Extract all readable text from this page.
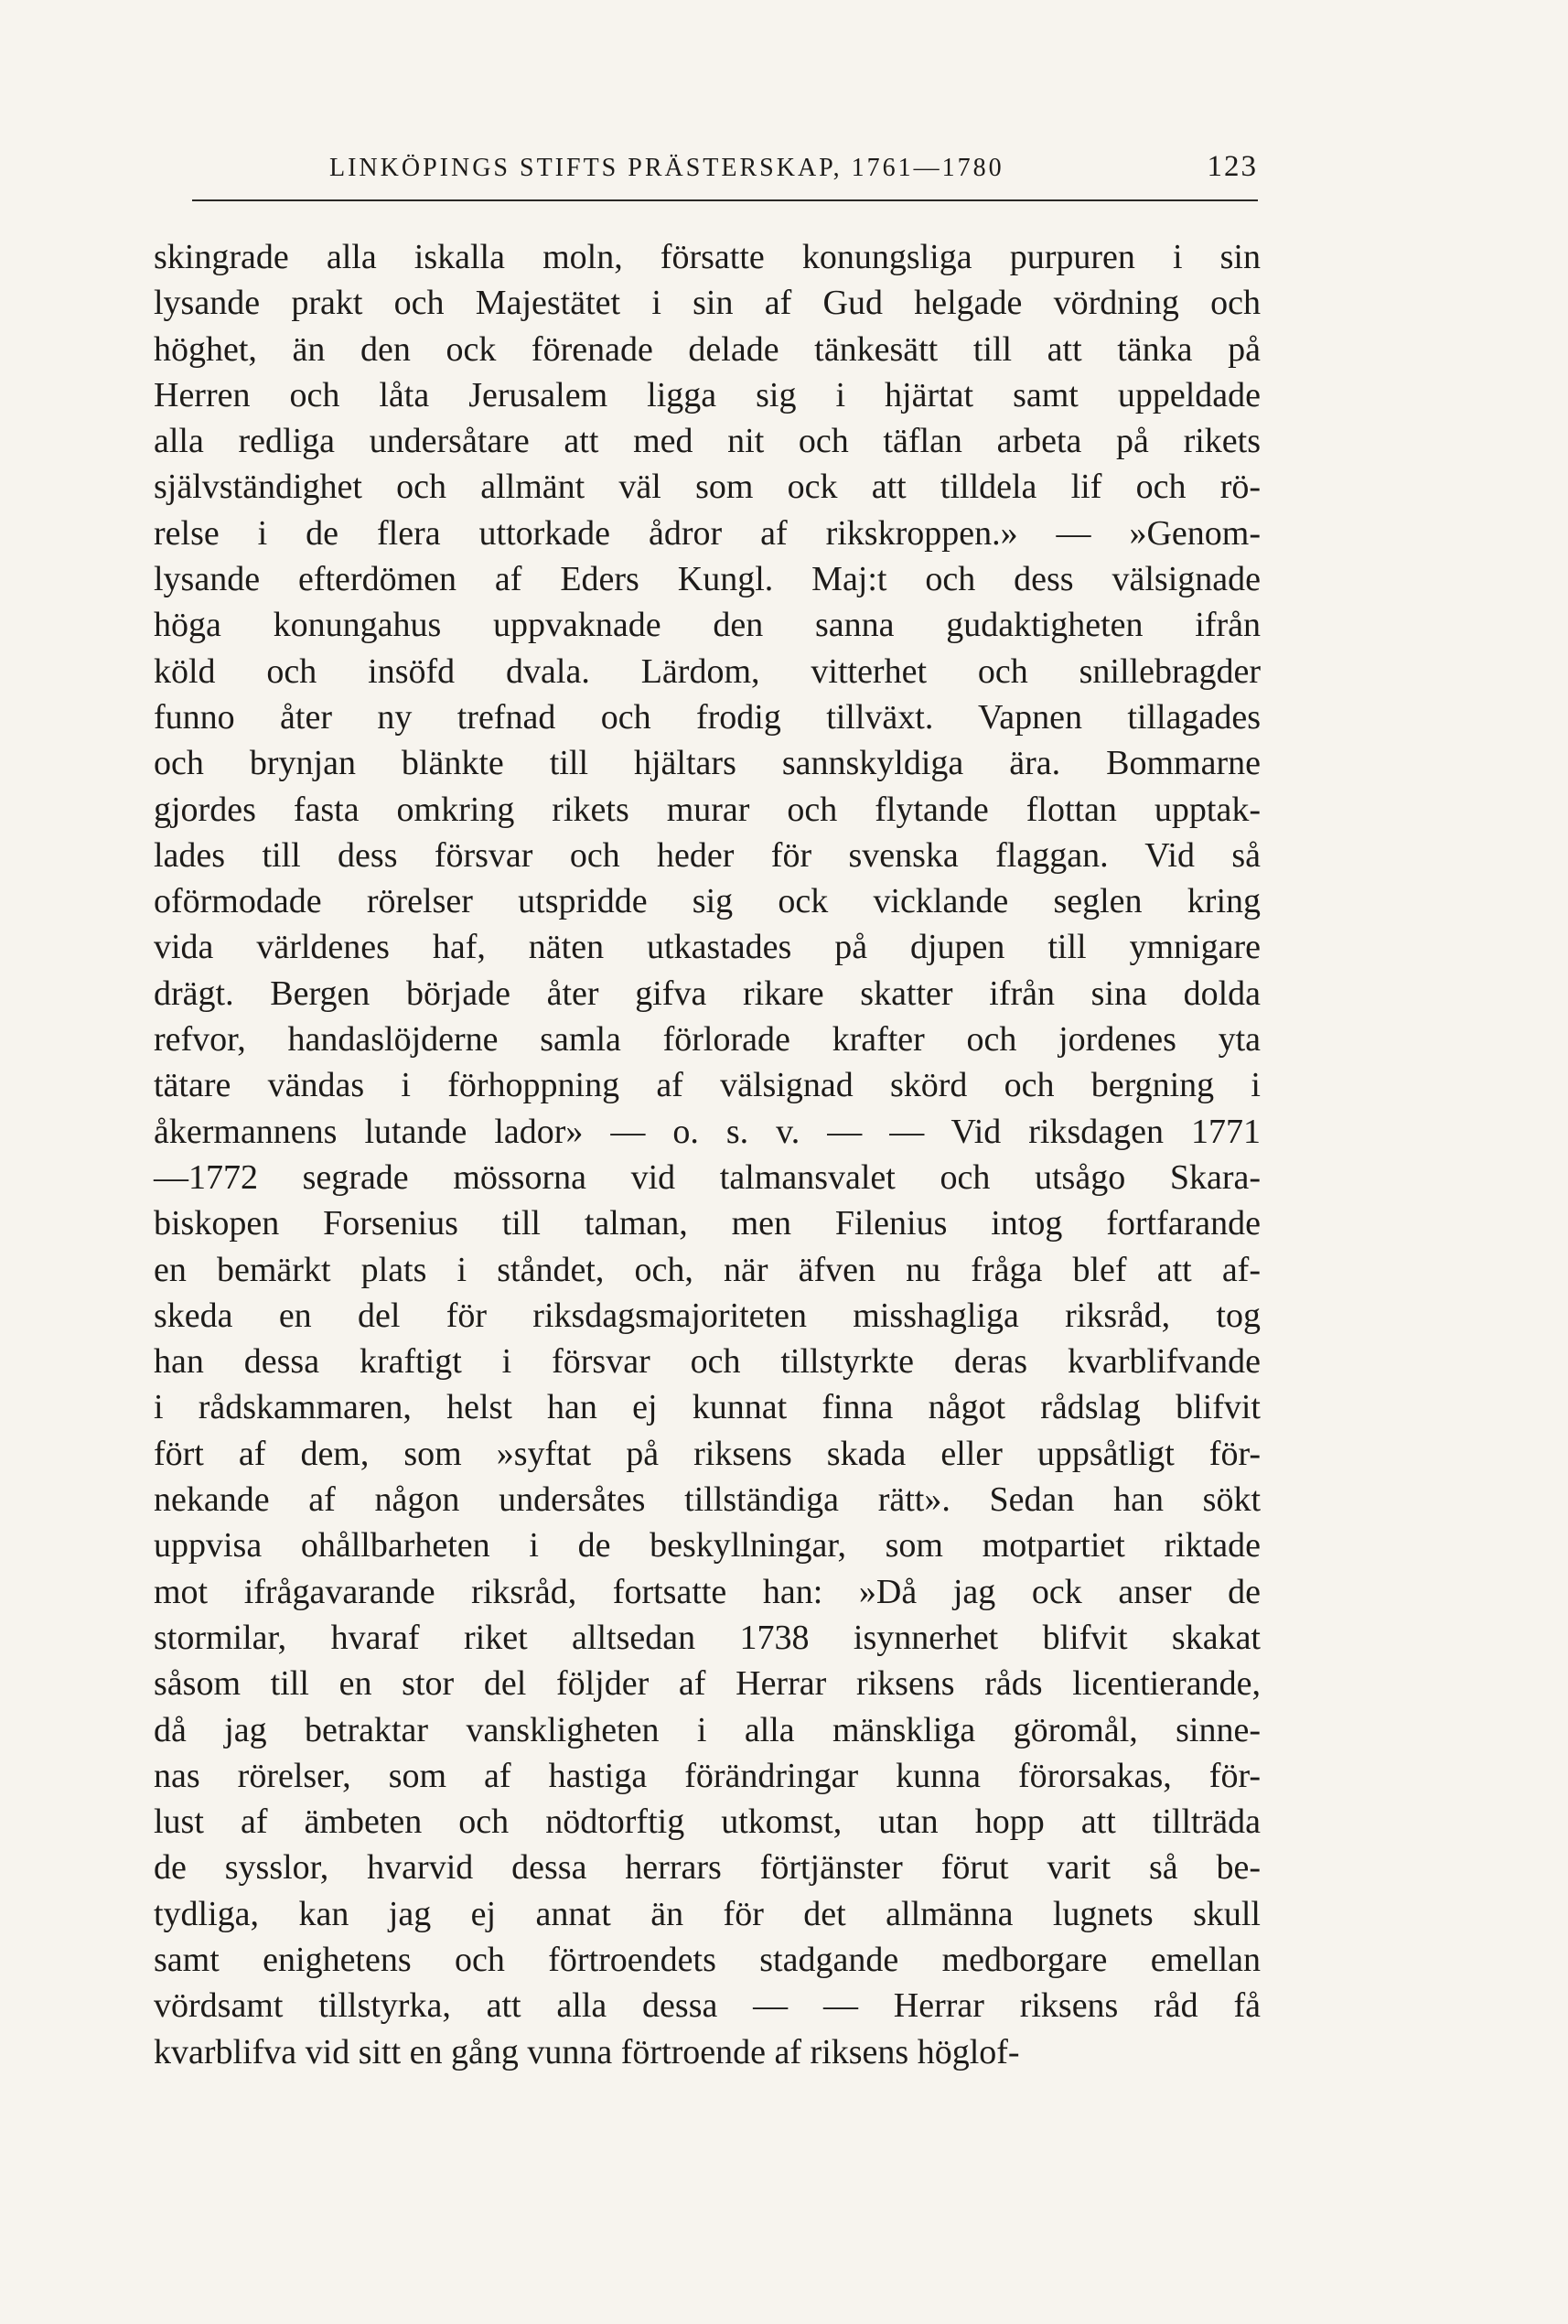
LINKÖPINGS STIFTS PRÄSTERSKAP, 1761—1780	123
skingrade alla iskalla moln, försatte konungsliga purpuren i sin
lysande prakt och Majestätet i sin af Gud helgade vördning och
höghet, än den ock förenade delade tänkesätt till att tänka på
Herren och låta Jerusalem ligga sig i hjärtat samt uppeldade
alla redliga undersåtare att med nit och täflan arbeta på rikets
självständighet och allmänt väl som ock att tilldela lif och rö-
relse i de flera uttorkade ådror af rikskroppen.» — »Genom-
lysande efterdömen af Eders Kungl. Maj:t och dess välsignade
höga konungahus uppvaknade den sanna gudaktigheten ifrån
köld och insöfd dvala. Lärdom, vitterhet och snillebragder
funno åter ny trefnad och frodig tillväxt. Vapnen tillagades
och brynjan blänkte till hjältars sannskyldiga ära. Bommarne
gjordes fasta omkring rikets murar och flytande flottan upptak-
lades till dess försvar och heder för svenska flaggan. Vid så
oförmodade rörelser utspridde sig ock vicklande seglen kring
vida världenes haf, näten utkastades på djupen till ymnigare
drägt. Bergen började åter gifva rikare skatter ifrån sina dolda
refvor, handaslöjderne samla förlorade krafter och jordenes yta
tätare vändas i förhoppning af välsignad skörd och bergning i
åkermannens lutande lador» — o. s. v. — — Vid riksdagen 1771
—1772 segrade mössorna vid talmansvalet och utsågo Skara-
biskopen Forsenius till talman, men Filenius intog fortfarande
en bemärkt plats i ståndet, och, när äfven nu fråga blef att af-
skeda en del för riksdagsmajoriteten misshagliga riksråd, tog
han dessa kraftigt i försvar och tillstyrkte deras kvarblifvande
i rådskammaren, helst han ej kunnat finna något rådslag blifvit
fört af dem, som »syftat på riksens skada eller uppsåtligt för-
nekande af någon undersåtes tillständiga rätt». Sedan han sökt
uppvisa ohållbarheten i de beskyllningar, som motpartiet riktade
mot ifrågavarande riksråd, fortsatte han: »Då jag ock anser de
stormilar, hvaraf riket alltsedan 1738 isynnerhet blifvit skakat
såsom till en stor del följder af Herrar riksens råds licentierande,
då jag betraktar vanskligheten i alla mänskliga göromål, sinne-
nas rörelser, som af hastiga förändringar kunna förorsakas, för-
lust af ämbeten och nödtorftig utkomst, utan hopp att tillträda
de sysslor, hvarvid dessa herrars förtjänster förut varit så be-
tydliga, kan jag ej annat än för det allmänna lugnets skull
samt enighetens och förtroendets stadgande medborgare emellan
vördsamt tillstyrka, att alla dessa — — Herrar riksens råd få
kvarblifva vid sitt en gång vunna förtroende af riksens höglof-
